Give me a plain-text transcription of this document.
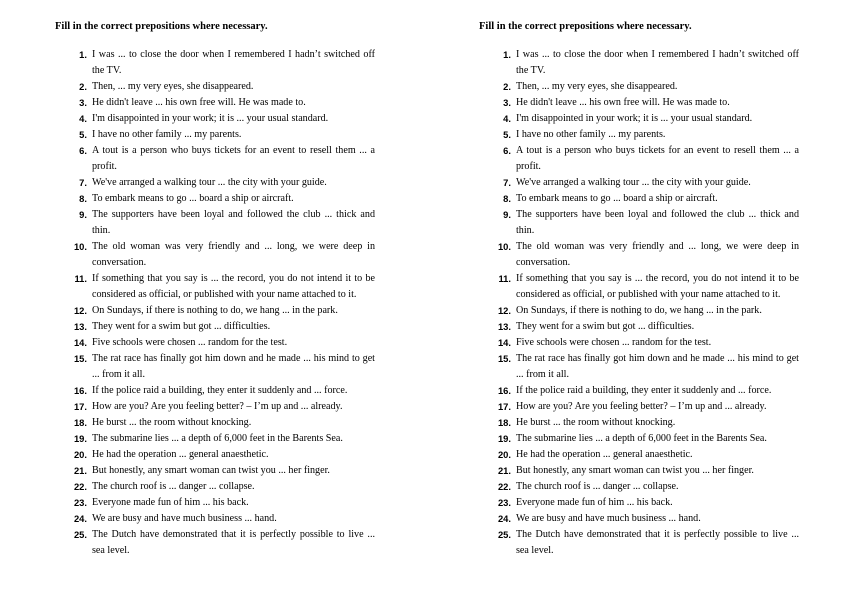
Fill in the correct prepositions where necessary.
1. I was ... to close the door when I remembered I hadn’t switched off the TV.
2. Then, ... my very eyes, she disappeared.
3. He didn't leave ... his own free will. He was made to.
4. I'm disappointed in your work; it is ... your usual standard.
5. I have no other family ... my parents.
6. A tout is a person who buys tickets for an event to resell them ... a profit.
7. We've arranged a walking tour ... the city with your guide.
8. To embark means to go ... board a ship or aircraft.
9. The supporters have been loyal and followed the club ... thick and thin.
10. The old woman was very friendly and ... long, we were deep in conversation.
11. If something that you say is ... the record, you do not intend it to be considered as official, or published with your name attached to it.
12. On Sundays, if there is nothing to do, we hang ... in the park.
13. They went for a swim but got ... difficulties.
14. Five schools were chosen ... random for the test.
15. The rat race has finally got him down and he made ... his mind to get ... from it all.
16. If the police raid a building, they enter it suddenly and ... force.
17. How are you? Are you feeling better? – I’m up and ... already.
18. He burst ... the room without knocking.
19. The submarine lies ... a depth of 6,000 feet in the Barents Sea.
20. He had the operation ... general anaesthetic.
21. But honestly, any smart woman can twist you ... her finger.
22. The church roof is ... danger ... collapse.
23. Everyone made fun of him ... his back.
24. We are busy and have much business ... hand.
25. The Dutch have demonstrated that it is perfectly possible to live ... sea level.
Fill in the correct prepositions where necessary.
1. I was ... to close the door when I remembered I hadn’t switched off the TV.
2. Then, ... my very eyes, she disappeared.
3. He didn't leave ... his own free will. He was made to.
4. I'm disappointed in your work; it is ... your usual standard.
5. I have no other family ... my parents.
6. A tout is a person who buys tickets for an event to resell them ... a profit.
7. We've arranged a walking tour ... the city with your guide.
8. To embark means to go ... board a ship or aircraft.
9. The supporters have been loyal and followed the club ... thick and thin.
10. The old woman was very friendly and ... long, we were deep in conversation.
11. If something that you say is ... the record, you do not intend it to be considered as official, or published with your name attached to it.
12. On Sundays, if there is nothing to do, we hang ... in the park.
13. They went for a swim but got ... difficulties.
14. Five schools were chosen ... random for the test.
15. The rat race has finally got him down and he made ... his mind to get ... from it all.
16. If the police raid a building, they enter it suddenly and ... force.
17. How are you? Are you feeling better? – I’m up and ... already.
18. He burst ... the room without knocking.
19. The submarine lies ... a depth of 6,000 feet in the Barents Sea.
20. He had the operation ... general anaesthetic.
21. But honestly, any smart woman can twist you ... her finger.
22. The church roof is ... danger ... collapse.
23. Everyone made fun of him ... his back.
24. We are busy and have much business ... hand.
25. The Dutch have demonstrated that it is perfectly possible to live ... sea level.
